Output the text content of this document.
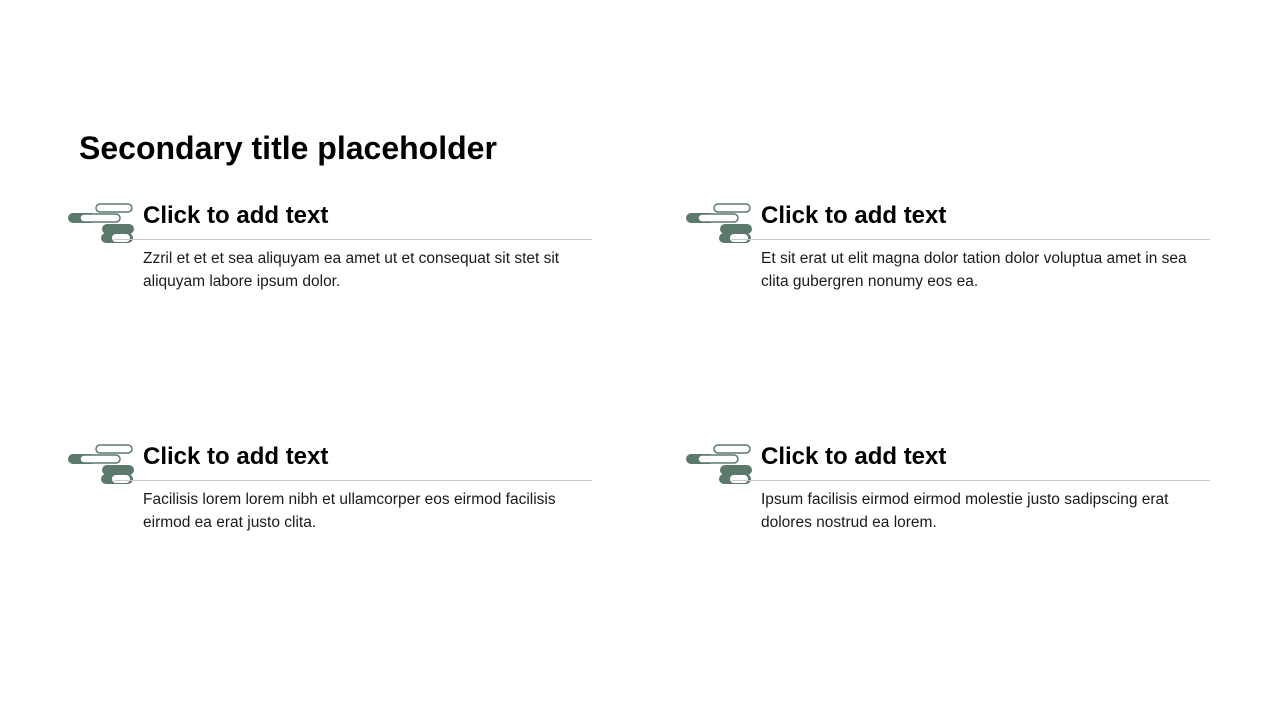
Secondary title placeholder
Click to add text

Zzril et et et sea aliquyam ea amet ut et consequat sit stet sit aliquyam labore ipsum dolor.

Click to add text

Et sit erat ut elit magna dolor tation dolor voluptua amet in sea clita gubergren nonumy eos ea.

Click to add text

Facilisis lorem lorem nibh et ullamcorper eos eirmod facilisis eirmod ea erat justo clita.

Click to add text

Ipsum facilisis eirmod eirmod molestie justo sadipscing erat dolores nostrud ea lorem.
